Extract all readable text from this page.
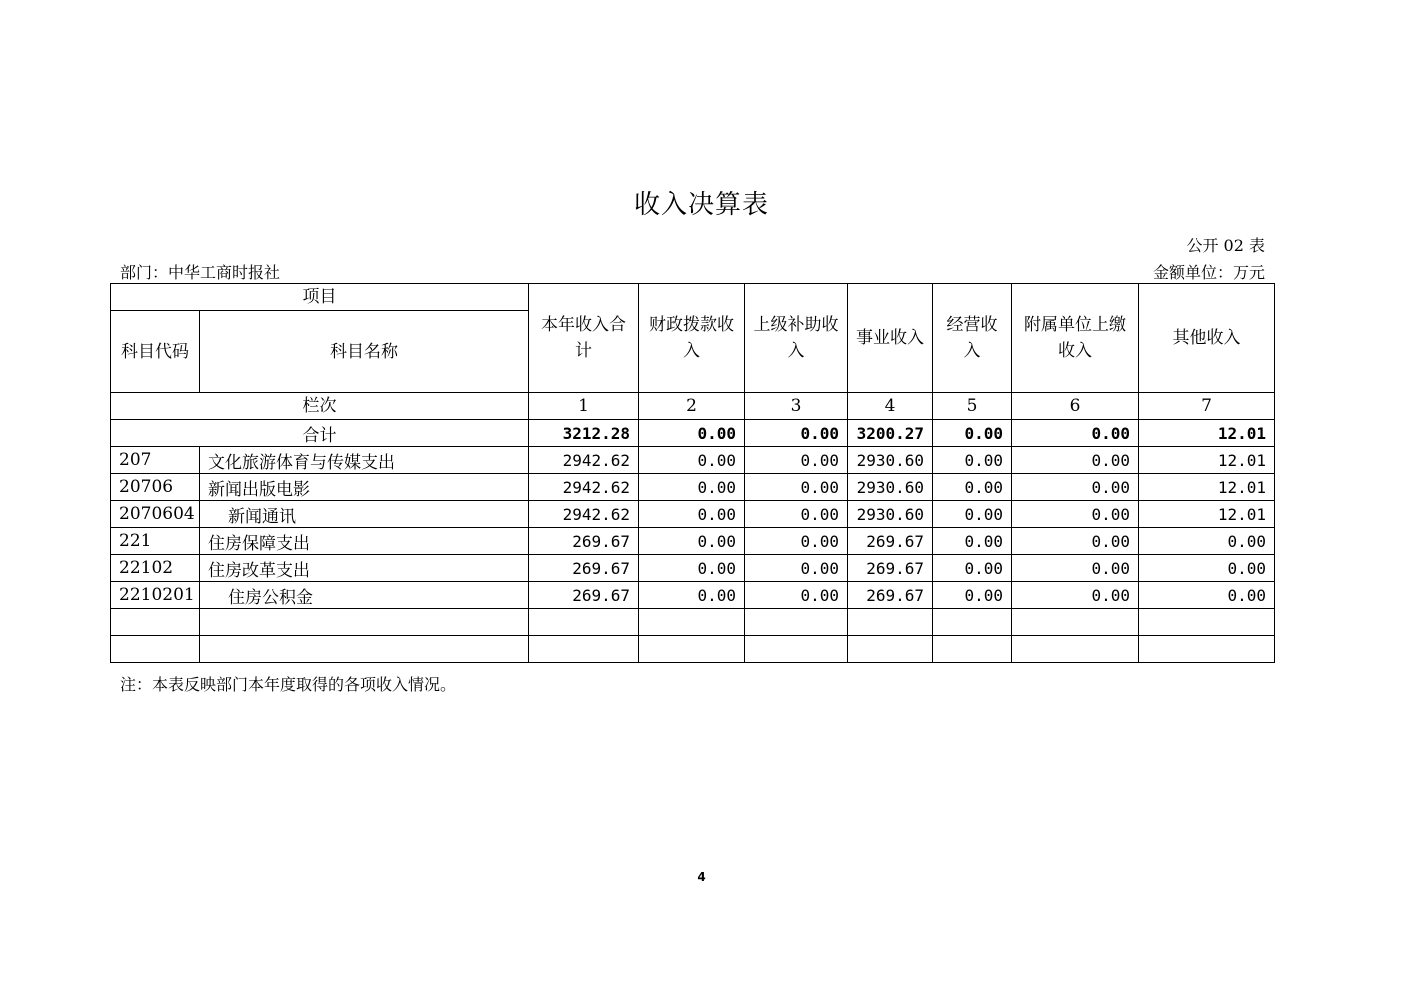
收入决算表
公开 02 表
部门：中华工商时报社	金额单位：万元
项目		本年收入合计	财政拨款收入	上级补助收入	事业收入	经营收入	附属单位上缴收入	其他收入
科目代码	科目名称							
栏次		1	2	3	4	5	6	7
合计		3212.28	0.00	0.00	3200.27	0.00	0.00	12.01
207	文化旅游体育与传媒支出	2942.62	0.00	0.00	2930.60	0.00	0.00	12.01
20706	新闻出版电影	2942.62	0.00	0.00	2930.60	0.00	0.00	12.01
2070604	新闻通讯	2942.62	0.00	0.00	2930.60	0.00	0.00	12.01
221	住房保障支出	269.67	0.00	0.00	269.67	0.00	0.00	0.00
22102	住房改革支出	269.67	0.00	0.00	269.67	0.00	0.00	0.00
2210201	住房公积金	269.67	0.00	0.00	269.67	0.00	0.00	0.00

注：本表反映部门本年度取得的各项收入情况。
4
